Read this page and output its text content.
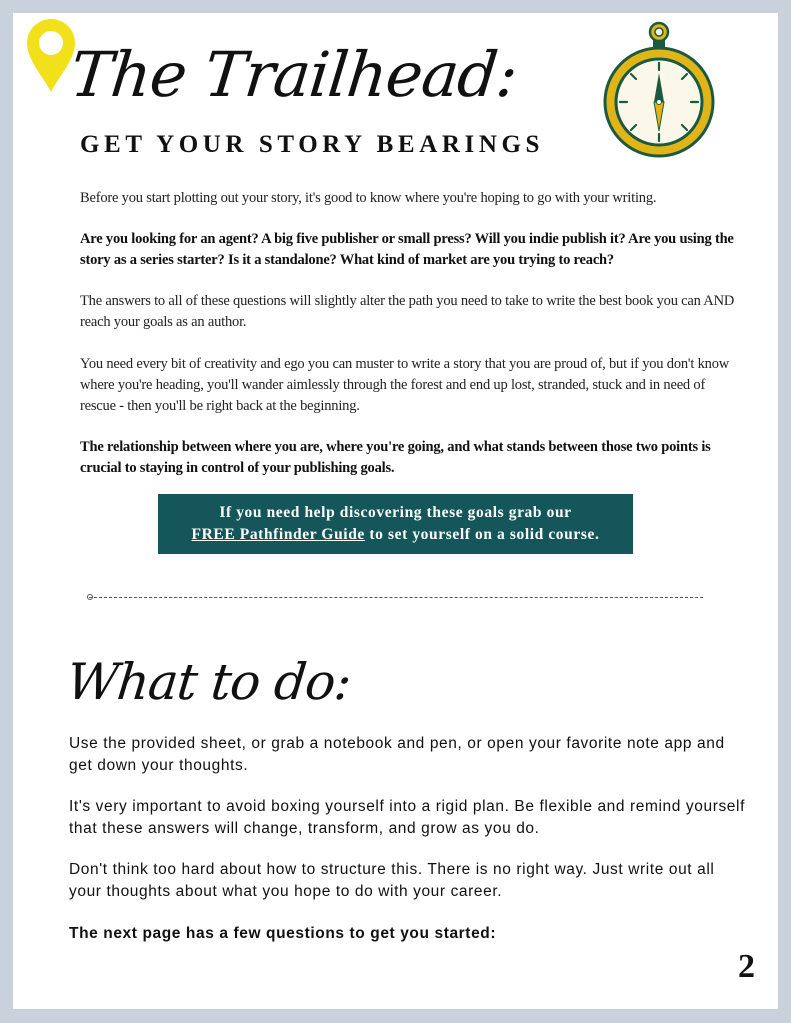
The Trailhead:
GET YOUR STORY BEARINGS
Before you start plotting out your story, it's good to know where you're hoping to go with your writing.
Are you looking for an agent? A big five publisher or small press? Will you indie publish it? Are you using the story as a series starter? Is it a standalone? What kind of market are you trying to reach?
The answers to all of these questions will slightly alter the path you need to take to write the best book you can AND reach your goals as an author.
You need every bit of creativity and ego you can muster to write a story that you are proud of, but if you don't know where you're heading, you'll wander aimlessly through the forest and end up lost, stranded, stuck and in need of rescue - then you'll be right back at the beginning.
The relationship between where you are, where you're going, and what stands between those two points is crucial to staying in control of your publishing goals.
If you need help discovering these goals grab our
FREE Pathfinder Guide to set yourself on a solid course.
What to do:
Use the provided sheet, or grab a notebook and pen, or open your favorite note app and get down your thoughts.
It's very important to avoid boxing yourself into a rigid plan. Be flexible and remind yourself that these answers will change, transform, and grow as you do.
Don't think too hard about how to structure this. There is no right way. Just write out all your thoughts about what you hope to do with your career.
The next page has a few questions to get you started:
2
